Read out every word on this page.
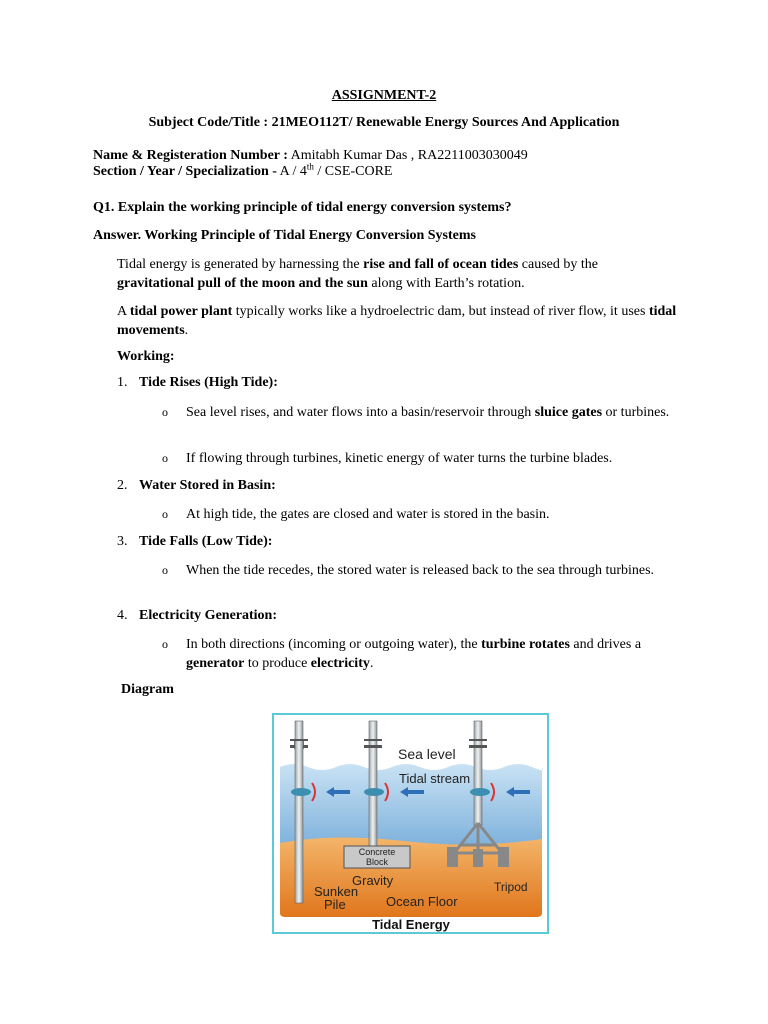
ASSIGNMENT-2
Subject Code/Title : 21MEO112T/ Renewable Energy Sources And Application
Name & Registeration Number : Amitabh Kumar Das , RA2211003030049
Section / Year / Specialization - A / 4th / CSE-CORE
Q1. Explain the working principle of tidal energy conversion systems?
Answer. Working Principle of Tidal Energy Conversion Systems
Tidal energy is generated by harnessing the rise and fall of ocean tides caused by the gravitational pull of the moon and the sun along with Earth’s rotation.
A tidal power plant typically works like a hydroelectric dam, but instead of river flow, it uses tidal movements.
Working:
1. Tide Rises (High Tide):
o	Sea level rises, and water flows into a basin/reservoir through sluice gates or turbines.
o	If flowing through turbines, kinetic energy of water turns the turbine blades.
2. Water Stored in Basin:
o	At high tide, the gates are closed and water is stored in the basin.
3. Tide Falls (Low Tide):
o	When the tide recedes, the stored water is released back to the sea through turbines.
4. Electricity Generation:
o	In both directions (incoming or outgoing water), the turbine rotates and drives a generator to produce electricity.
Diagram
Sea level
Tidal stream
Concrete
Block
Gravity
Sunken
Pile	Ocean Floor
Tripod
Tidal Energy
